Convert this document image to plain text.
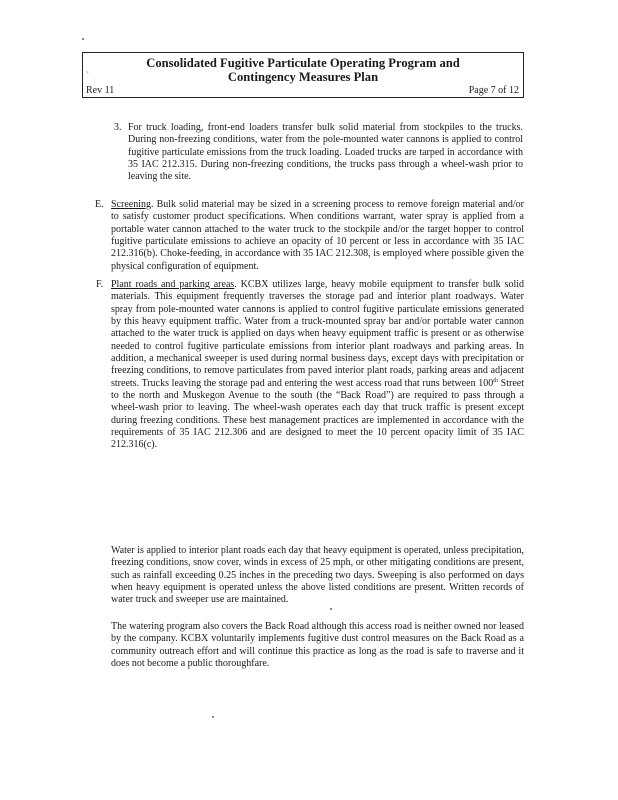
`
Consolidated Fugitive Particulate Operating Program and
Contingency Measures Plan
Rev 11	Page 7 of 12
3. For truck loading, front-end loaders transfer bulk solid material from stockpiles to the trucks. During non-freezing conditions, water from the pole-mounted water cannons is applied to control fugitive particulate emissions from the truck loading. Loaded trucks are tarped in accordance with 35 IAC 212.315. During non-freezing conditions, the trucks pass through a wheel-wash prior to leaving the site.
E. Screening. Bulk solid material may be sized in a screening process to remove foreign material and/or to satisfy customer product specifications. When conditions warrant, water spray is applied from a portable water cannon attached to the water truck to the stockpile and/or the target hopper to control fugitive particulate emissions to achieve an opacity of 10 percent or less in accordance with 35 IAC 212.316(b). Choke-feeding, in accordance with 35 IAC 212.308, is employed where possible given the physical configuration of equipment.
F. Plant roads and parking areas. KCBX utilizes large, heavy mobile equipment to transfer bulk solid materials. This equipment frequently traverses the storage pad and interior plant roadways. Water spray from pole-mounted water cannons is applied to control fugitive particulate emissions generated by this heavy equipment traffic. Water from a truck-mounted spray bar and/or portable water cannon attached to the water truck is applied on days when heavy equipment traffic is present or as otherwise needed to control fugitive particulate emissions from interior plant roadways and parking areas. In addition, a mechanical sweeper is used during normal business days, except days with precipitation or freezing conditions, to remove particulates from paved interior plant roads, parking areas and adjacent streets. Trucks leaving the storage pad and entering the west access road that runs between 100th Street to the north and Muskegon Avenue to the south (the “Back Road”) are required to pass through a wheel-wash prior to leaving. The wheel-wash operates each day that truck traffic is present except during freezing conditions. These best management practices are implemented in accordance with the requirements of 35 IAC 212.306 and are designed to meet the 10 percent opacity limit of 35 IAC 212.316(c).
Water is applied to interior plant roads each day that heavy equipment is operated, unless precipitation, freezing conditions, snow cover, winds in excess of 25 mph, or other mitigating conditions are present, such as rainfall exceeding 0.25 inches in the preceding two days. Sweeping is also performed on days when heavy equipment is operated unless the above listed conditions are present. Written records of water truck and sweeper use are maintained.
The watering program also covers the Back Road although this access road is neither owned nor leased by the company. KCBX voluntarily implements fugitive dust control measures on the Back Road as a community outreach effort and will continue this practice as long as the road is safe to traverse and it does not become a public thoroughfare.
